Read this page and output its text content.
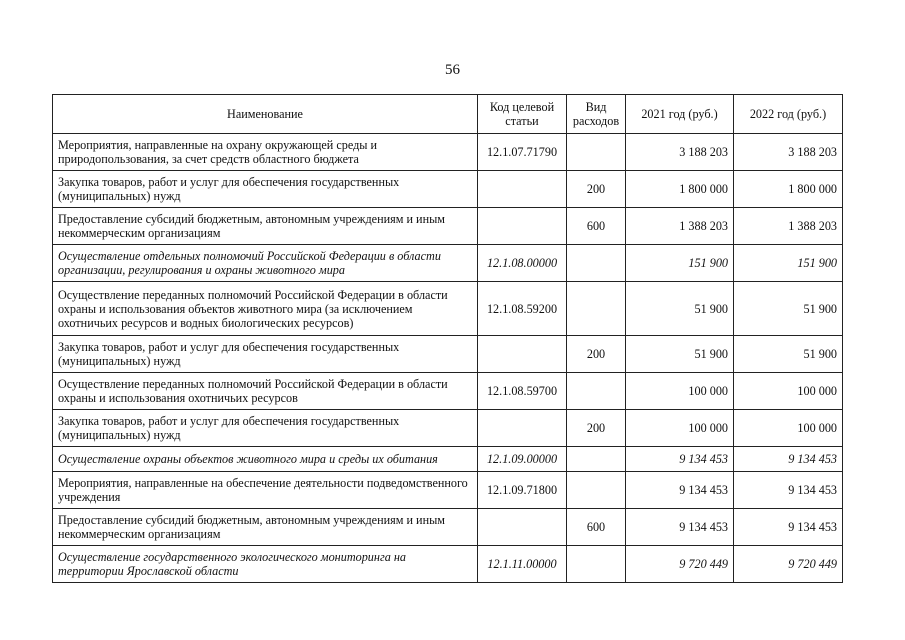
56
Наименование	Код целевой статьи	Вид расходов	2021 год (руб.)	2022 год (руб.)
Мероприятия, направленные на охрану окружающей среды и природопользования, за счет средств областного бюджета	12.1.07.71790		3 188 203	3 188 203
Закупка товаров, работ и услуг для обеспечения государственных (муниципальных) нужд		200	1 800 000	1 800 000
Предоставление субсидий бюджетным, автономным учреждениям и иным некоммерческим организациям		600	1 388 203	1 388 203
Осуществление отдельных полномочий Российской Федерации в области организации, регулирования и охраны животного мира	12.1.08.00000		151 900	151 900
Осуществление переданных полномочий Российской Федерации в области охраны и использования объектов животного мира (за исключением охотничьих ресурсов и водных биологических ресурсов)	12.1.08.59200		51 900	51 900
Закупка товаров, работ и услуг для обеспечения государственных (муниципальных) нужд		200	51 900	51 900
Осуществление переданных полномочий Российской Федерации в области охраны и использования охотничьих ресурсов	12.1.08.59700		100 000	100 000
Закупка товаров, работ и услуг для обеспечения государственных (муниципальных) нужд		200	100 000	100 000
Осуществление охраны объектов животного мира и среды их обитания	12.1.09.00000		9 134 453	9 134 453
Мероприятия, направленные на обеспечение деятельности подведомственного учреждения	12.1.09.71800		9 134 453	9 134 453
Предоставление субсидий бюджетным, автономным учреждениям и иным некоммерческим организациям		600	9 134 453	9 134 453
Осуществление государственного экологического мониторинга на территории Ярославской области	12.1.11.00000		9 720 449	9 720 449
